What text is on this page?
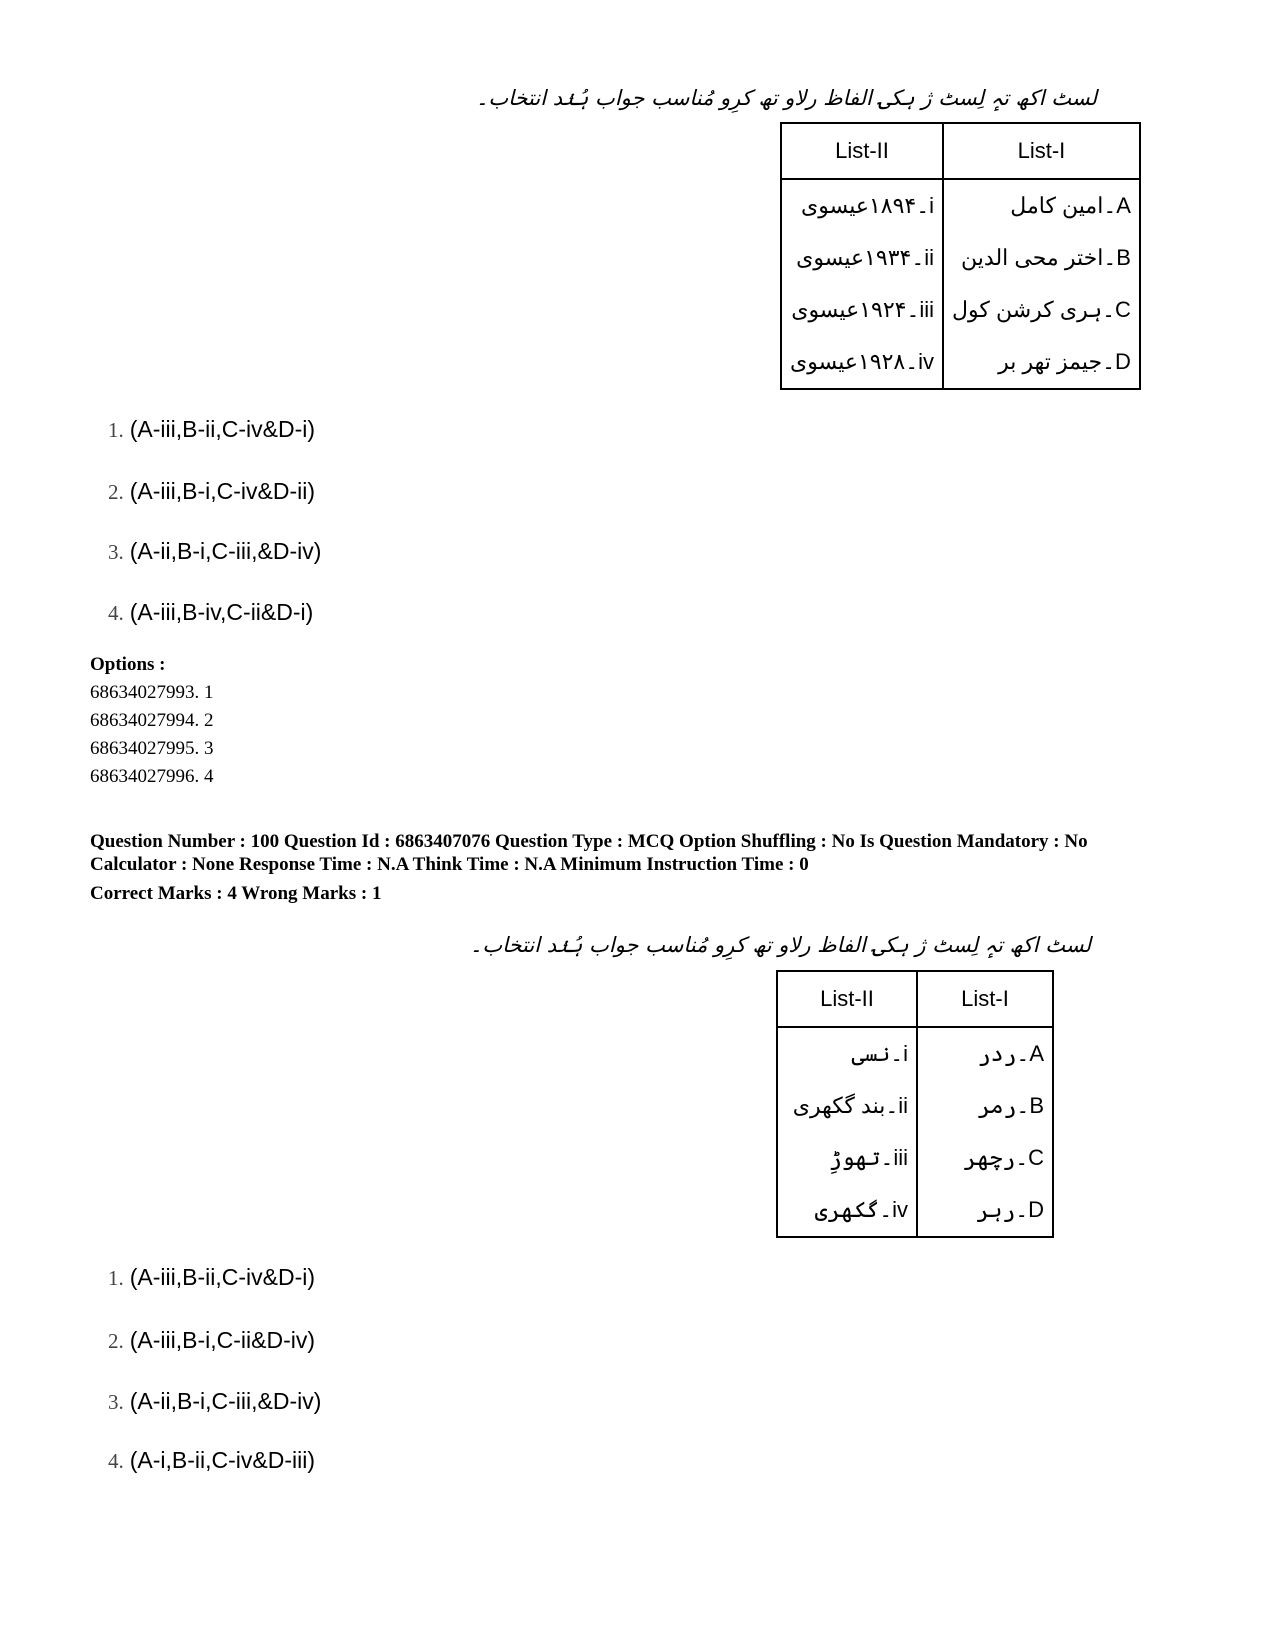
لسٹ اکھ تہٕ لِسٹ ژ ہکۍ الفاظ رلاو تھ کرِو مُناسب جواب ہُنٛد انتخاب۔
List-II	List-I
i۔۱۸۹۴عیسوی	A۔امین کامل
ii۔۱۹۳۴عیسوی	B۔اختر محی الدین
iii۔۱۹۲۴عیسوی	C۔ہری کرشن کول
iv۔۱۹۲۸عیسوی	D۔جیمز تھر بر
1. (A-iii,B-ii,C-iv&D-i)
2. (A-iii,B-i,C-iv&D-ii)
3. (A-ii,B-i,C-iii,&D-iv)
4. (A-iii,B-iv,C-ii&D-i)
Options :
68634027993. 1
68634027994. 2
68634027995. 3
68634027996. 4
Question Number : 100 Question Id : 6863407076 Question Type : MCQ Option Shuffling : No Is Question Mandatory : No Calculator : None Response Time : N.A Think Time : N.A Minimum Instruction Time : 0
Correct Marks : 4 Wrong Marks : 1
لسٹ اکھ تہٕ لِسٹ ژ ہکۍ الفاظ رلاو تھ کرِو مُناسب جواب ہُنٛد انتخاب۔
List-II	List-I
i۔نسی	A۔ردر
ii۔بند گکھری	B۔رمر
iii۔تھوڑِ	C۔رچھر
iv۔گکھری	D۔رہر
1. (A-iii,B-ii,C-iv&D-i)
2. (A-iii,B-i,C-ii&D-iv)
3. (A-ii,B-i,C-iii,&D-iv)
4. (A-i,B-ii,C-iv&D-iii)
